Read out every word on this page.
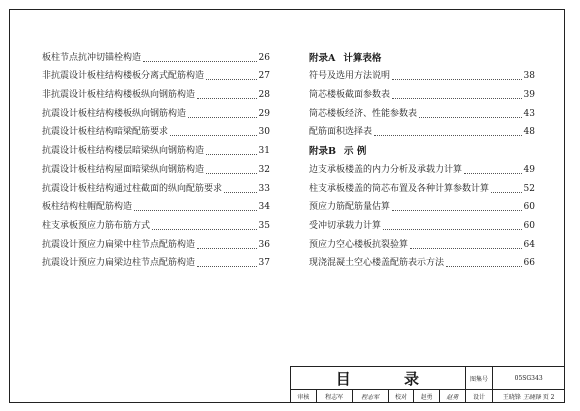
板柱节点抗冲切锚栓构造	26
非抗震设计板柱结构楼板分离式配筋构造	27
非抗震设计板柱结构楼板纵向钢筋构造	28
抗震设计板柱结构楼板纵向钢筋构造	29
抗震设计板柱结构暗梁配筋要求	30
抗震设计板柱结构楼层暗梁纵向钢筋构造	31
抗震设计板柱结构屋面暗梁纵向钢筋构造	32
抗震设计板柱结构通过柱截面的纵向配筋要求	33
板柱结构柱帽配筋构造	34
柱支承板预应力筋布筋方式	35
抗震设计预应力扁梁中柱节点配筋构造	36
抗震设计预应力扁梁边柱节点配筋构造	37
附录A 计算表格
符号及选用方法说明	38
筒芯楼板截面参数表	39
筒芯楼板经济、性能参数表	43
配筋面积选择表	48
附录B 示 例
边支承板楼盖的内力分析及承载力计算	49
柱支承板楼盖的筒芯布置及各种计算参数计算	52
预应力筋配筋量估算	60
受冲切承载力计算	60
预应力空心楼板抗裂验算	64
现浇混凝土空心楼盖配筋表示方法	66
目 录						图集号	05SG343
审核	程志军	程志军	校对	赵勇	赵勇	设计	王晓锋 王晓锋 页 2
